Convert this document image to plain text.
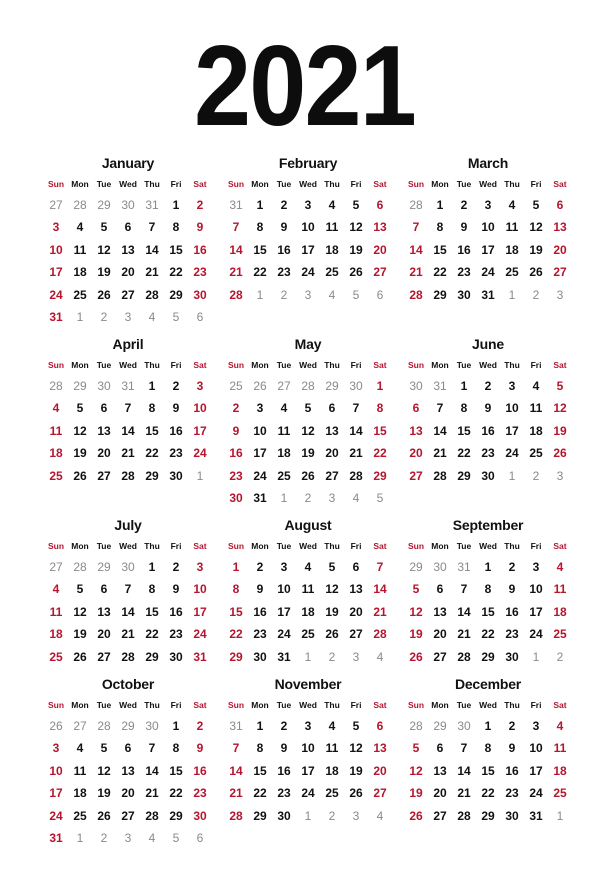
2021
January
Sun Mon Tue Wed Thu	Fri	Sat
27 28 29 30 31	1	2
3	4	5	6	7	8	9
10 11 12 13 14 15 16
17 18 19 20 21 22 23
24 25 26 27 28 29 30
31	1	2	3	4	5	6
February
Sun Mon Tue Wed Thu	Fri	Sat
31	1	2	3	4	5	6
7	8	9	10 11 12 13
14 15 16 17 18 19 20
21 22 23 24 25 26 27
28	1	2	3	4	5	6
March
Sun Mon Tue Wed Thu	Fri	Sat
28	1	2	3	4	5	6
7	8	9	10 11 12 13
14 15 16 17 18 19 20
21 22 23 24 25 26 27
28 29 30 31	1	2	3
April
Sun Mon Tue Wed Thu	Fri	Sat
28 29 30 31	1	2	3
4	5	6	7	8	9	10
11 12 13 14 15 16 17
18 19 20 21 22 23 24
25 26 27 28 29 30	1
May
Sun Mon Tue Wed Thu	Fri	Sat
25 26 27 28 29 30	1
2	3	4	5	6	7	8
9	10 11 12 13 14 15
16 17 18 19 20 21 22
23 24 25 26 27 28 29
30 31	1	2	3	4	5
June
Sun Mon Tue Wed Thu	Fri	Sat
30 31	1	2	3	4	5
6	7	8	9	10 11 12
13 14 15 16 17 18 19
20 21 22 23 24 25 26
27 28 29 30	1	2	3
July
Sun Mon Tue Wed Thu	Fri	Sat
27 28 29 30	1	2	3
4	5	6	7	8	9	10
11 12 13 14 15 16 17
18 19 20 21 22 23 24
25 26 27 28 29 30 31
August
Sun Mon Tue Wed Thu	Fri	Sat
1	2	3	4	5	6	7
8	9	10 11 12 13 14
15 16 17 18 19 20 21
22 23 24 25 26 27 28
29 30 31	1	2	3	4
September
Sun Mon Tue Wed Thu	Fri	Sat
29 30 31	1	2	3	4
5	6	7	8	9	10 11
12 13 14 15 16 17 18
19 20 21 22 23 24 25
26 27 28 29 30	1	2
October
Sun Mon Tue Wed Thu	Fri	Sat
26 27 28 29 30	1	2
3	4	5	6	7	8	9
10 11 12 13 14 15 16
17 18 19 20 21 22 23
24 25 26 27 28 29 30
31	1	2	3	4	5	6
November
Sun Mon Tue Wed Thu	Fri	Sat
31	1	2	3	4	5	6
7	8	9	10 11 12 13
14 15 16 17 18 19 20
21 22 23 24 25 26 27
28 29 30	1	2	3	4
December
Sun Mon Tue Wed Thu	Fri	Sat
28 29 30	1	2	3	4
5	6	7	8	9	10 11
12 13 14 15 16 17 18
19 20 21 22 23 24 25
26 27 28 29 30 31	1
